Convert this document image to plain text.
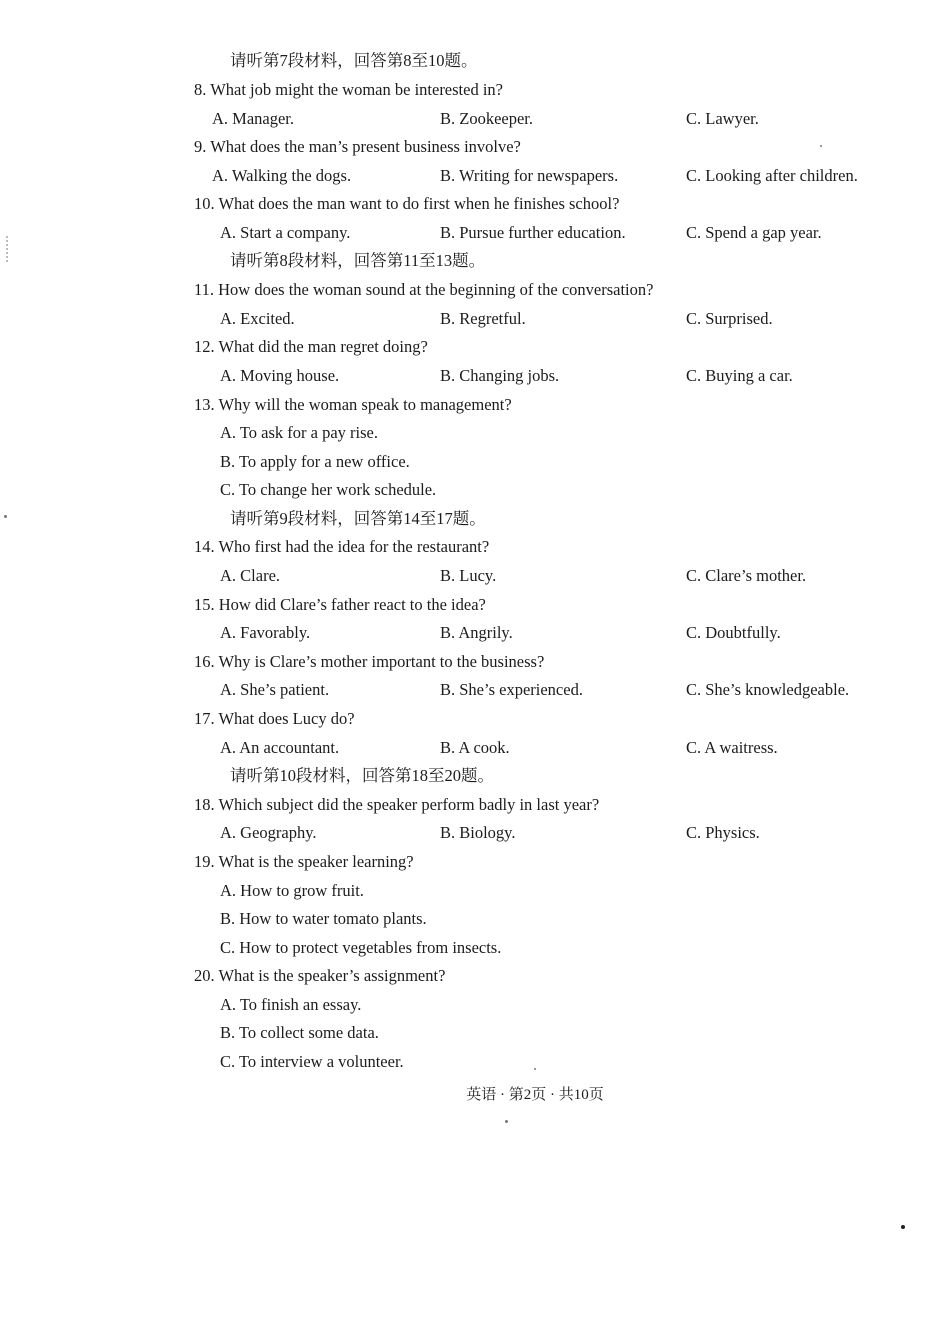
请听第7段材料，回答第8至10题。
8. What job might the woman be interested in?
A. Manager.	B. Zookeeper.	C. Lawyer.
9. What does the man’s present business involve?
A. Walking the dogs.	B. Writing for newspapers.	C. Looking after children.
10. What does the man want to do first when he finishes school?
A. Start a company.	B. Pursue further education.	C. Spend a gap year.
请听第8段材料，回答第11至13题。
11. How does the woman sound at the beginning of the conversation?
A. Excited.	B. Regretful.	C. Surprised.
12. What did the man regret doing?
A. Moving house.	B. Changing jobs.	C. Buying a car.
13. Why will the woman speak to management?
A. To ask for a pay rise.
B. To apply for a new office.
C. To change her work schedule.
请听第9段材料，回答第14至17题。
14. Who first had the idea for the restaurant?
A. Clare.	B. Lucy.	C. Clare’s mother.
15. How did Clare’s father react to the idea?
A. Favorably.	B. Angrily.	C. Doubtfully.
16. Why is Clare’s mother important to the business?
A. She’s patient.	B. She’s experienced.	C. She’s knowledgeable.
17. What does Lucy do?
A. An accountant.	B. A cook.	C. A waitress.
请听第10段材料，回答第18至20题。
18. Which subject did the speaker perform badly in last year?
A. Geography.	B. Biology.	C. Physics.
19. What is the speaker learning?
A. How to grow fruit.
B. How to water tomato plants.
C. How to protect vegetables from insects.
20. What is the speaker’s assignment?
A. To finish an essay.
B. To collect some data.
C. To interview a volunteer.
英语 · 第2页 · 共10页
